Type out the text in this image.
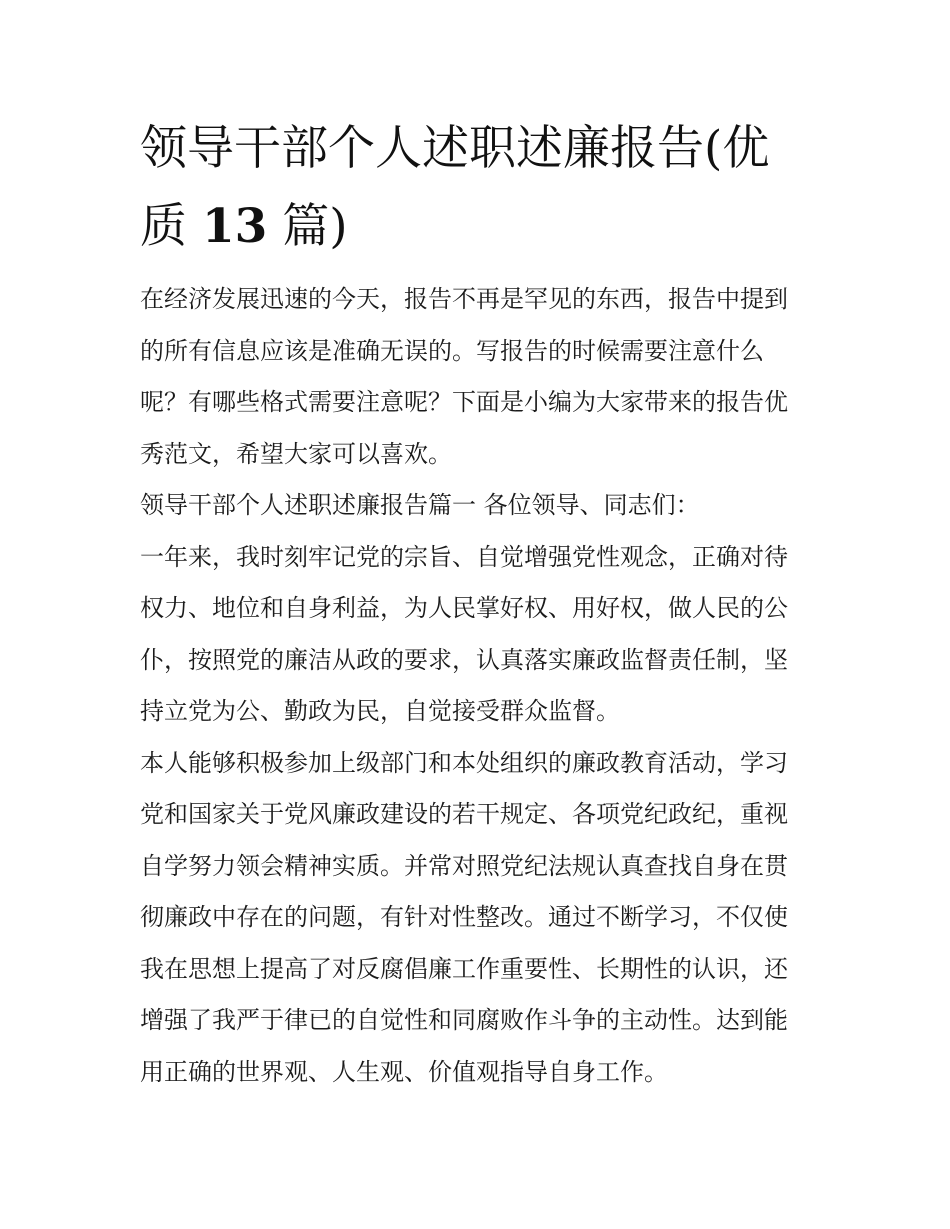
领导干部个人述职述廉报告(优
质 13 篇)

在经济发展迅速的今天，报告不再是罕见的东西，报告中提到
的所有信息应该是准确无误的。写报告的时候需要注意什么
呢？有哪些格式需要注意呢？下面是小编为大家带来的报告优
秀范文，希望大家可以喜欢。

领导干部个人述职述廉报告篇一 各位领导、同志们：

一年来，我时刻牢记党的宗旨、自觉增强党性观念，正确对待
权力、地位和自身利益，为人民掌好权、用好权，做人民的公
仆，按照党的廉洁从政的要求，认真落实廉政监督责任制，坚
持立党为公、勤政为民，自觉接受群众监督。

本人能够积极参加上级部门和本处组织的廉政教育活动，学习
党和国家关于党风廉政建设的若干规定、各项党纪政纪，重视
自学努力领会精神实质。并常对照党纪法规认真查找自身在贯
彻廉政中存在的问题，有针对性整改。通过不断学习，不仅使
我在思想上提高了对反腐倡廉工作重要性、长期性的认识，还
增强了我严于律已的自觉性和同腐败作斗争的主动性。达到能
用正确的世界观、人生观、价值观指导自身工作。
